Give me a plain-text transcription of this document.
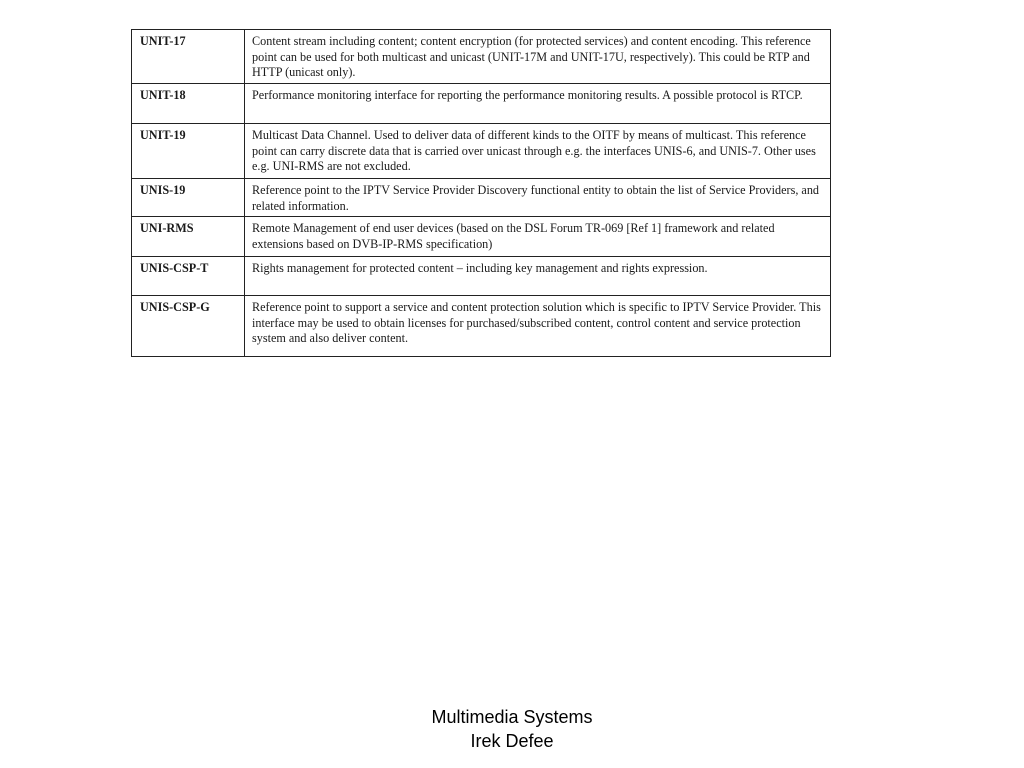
UNIT-17	Content stream including content; content encryption (for protected services) and content encoding. This reference point can be used for both multicast and unicast (UNIT-17M and UNIT-17U, respectively). This could be RTP and HTTP (unicast only).
UNIT-18	Performance monitoring interface for reporting the performance monitoring results. A possible protocol is RTCP.
UNIT-19	Multicast Data Channel. Used to deliver data of different kinds to the OITF by means of multicast. This reference point can carry discrete data that is carried over unicast through e.g. the interfaces UNIS-6, and UNIS-7. Other uses e.g. UNI-RMS are not excluded.
UNIS-19	Reference point to the IPTV Service Provider Discovery functional entity to obtain the list of Service Providers, and related information.
UNI-RMS	Remote Management of end user devices (based on the DSL Forum TR-069 [Ref 1] framework and related extensions based on DVB-IP-RMS specification)
UNIS-CSP-T	Rights management for protected content – including key management and rights expression.
UNIS-CSP-G	Reference point to support a service and content protection solution which is specific to IPTV Service Provider. This interface may be used to obtain licenses for purchased/subscribed content, control content and service protection system and also deliver content.
Multimedia Systems
Irek Defee
